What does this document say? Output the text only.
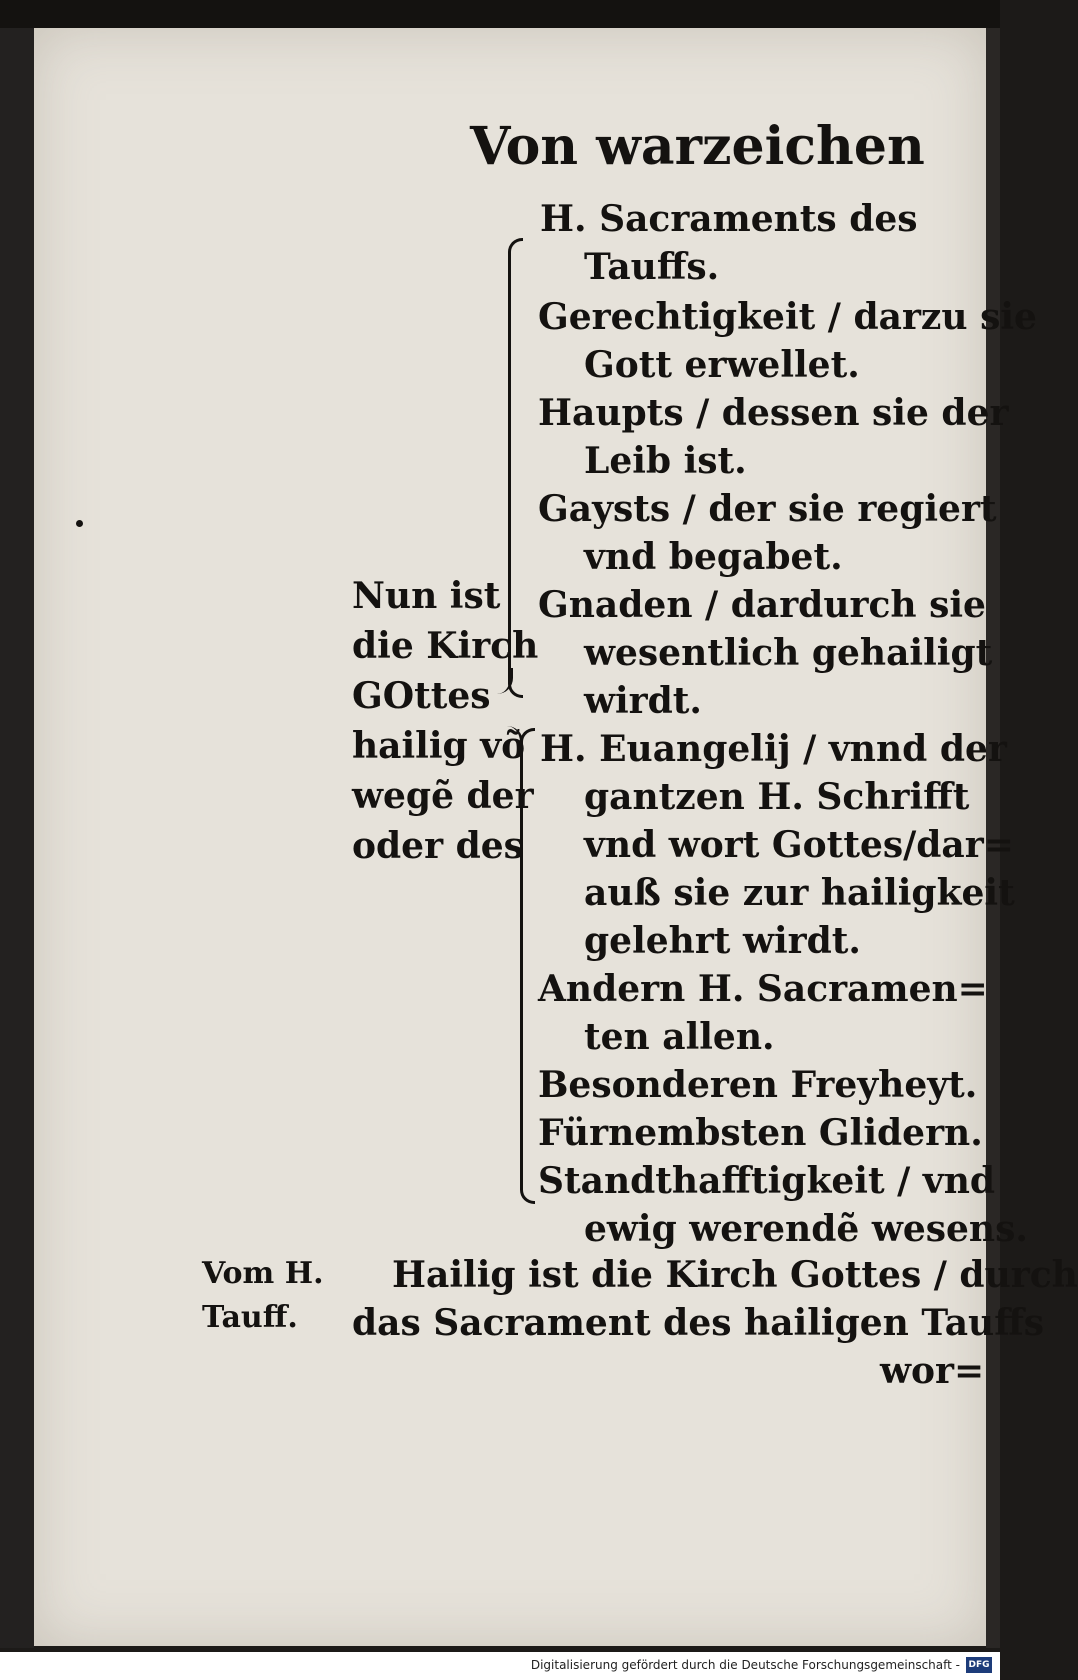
Von warzeichen
Nun ist
die Kirch
GOttes
hailig võ
wegẽ der
oder des
H. Sacraments des
Tauffs.
Gerechtigkeit / darzu sie
Gott erwellet.
Haupts / dessen sie der
Leib ist.
Gaysts / der sie regiert
vnd begabet.
Gnaden / dardurch sie
wesentlich gehailigt
wirdt.
H. Euangelij / vnnd der
gantzen H. Schrifft
vnd wort Gottes/dar=
auß sie zur hailigkeit
gelehrt wirdt.
Andern H. Sacramen=
ten allen.
Besonderen Freyheyt.
Fürnembsten Glidern.
Standthafftigkeit / vnd
ewig werendẽ wesens.
Vom H.
Tauff.
Hailig ist die Kirch Gottes / durch
das Sacrament des hailigen Tauffs
wor=
Digitalisierung gefördert durch die Deutsche Forschungsgemeinschaft - DFG
